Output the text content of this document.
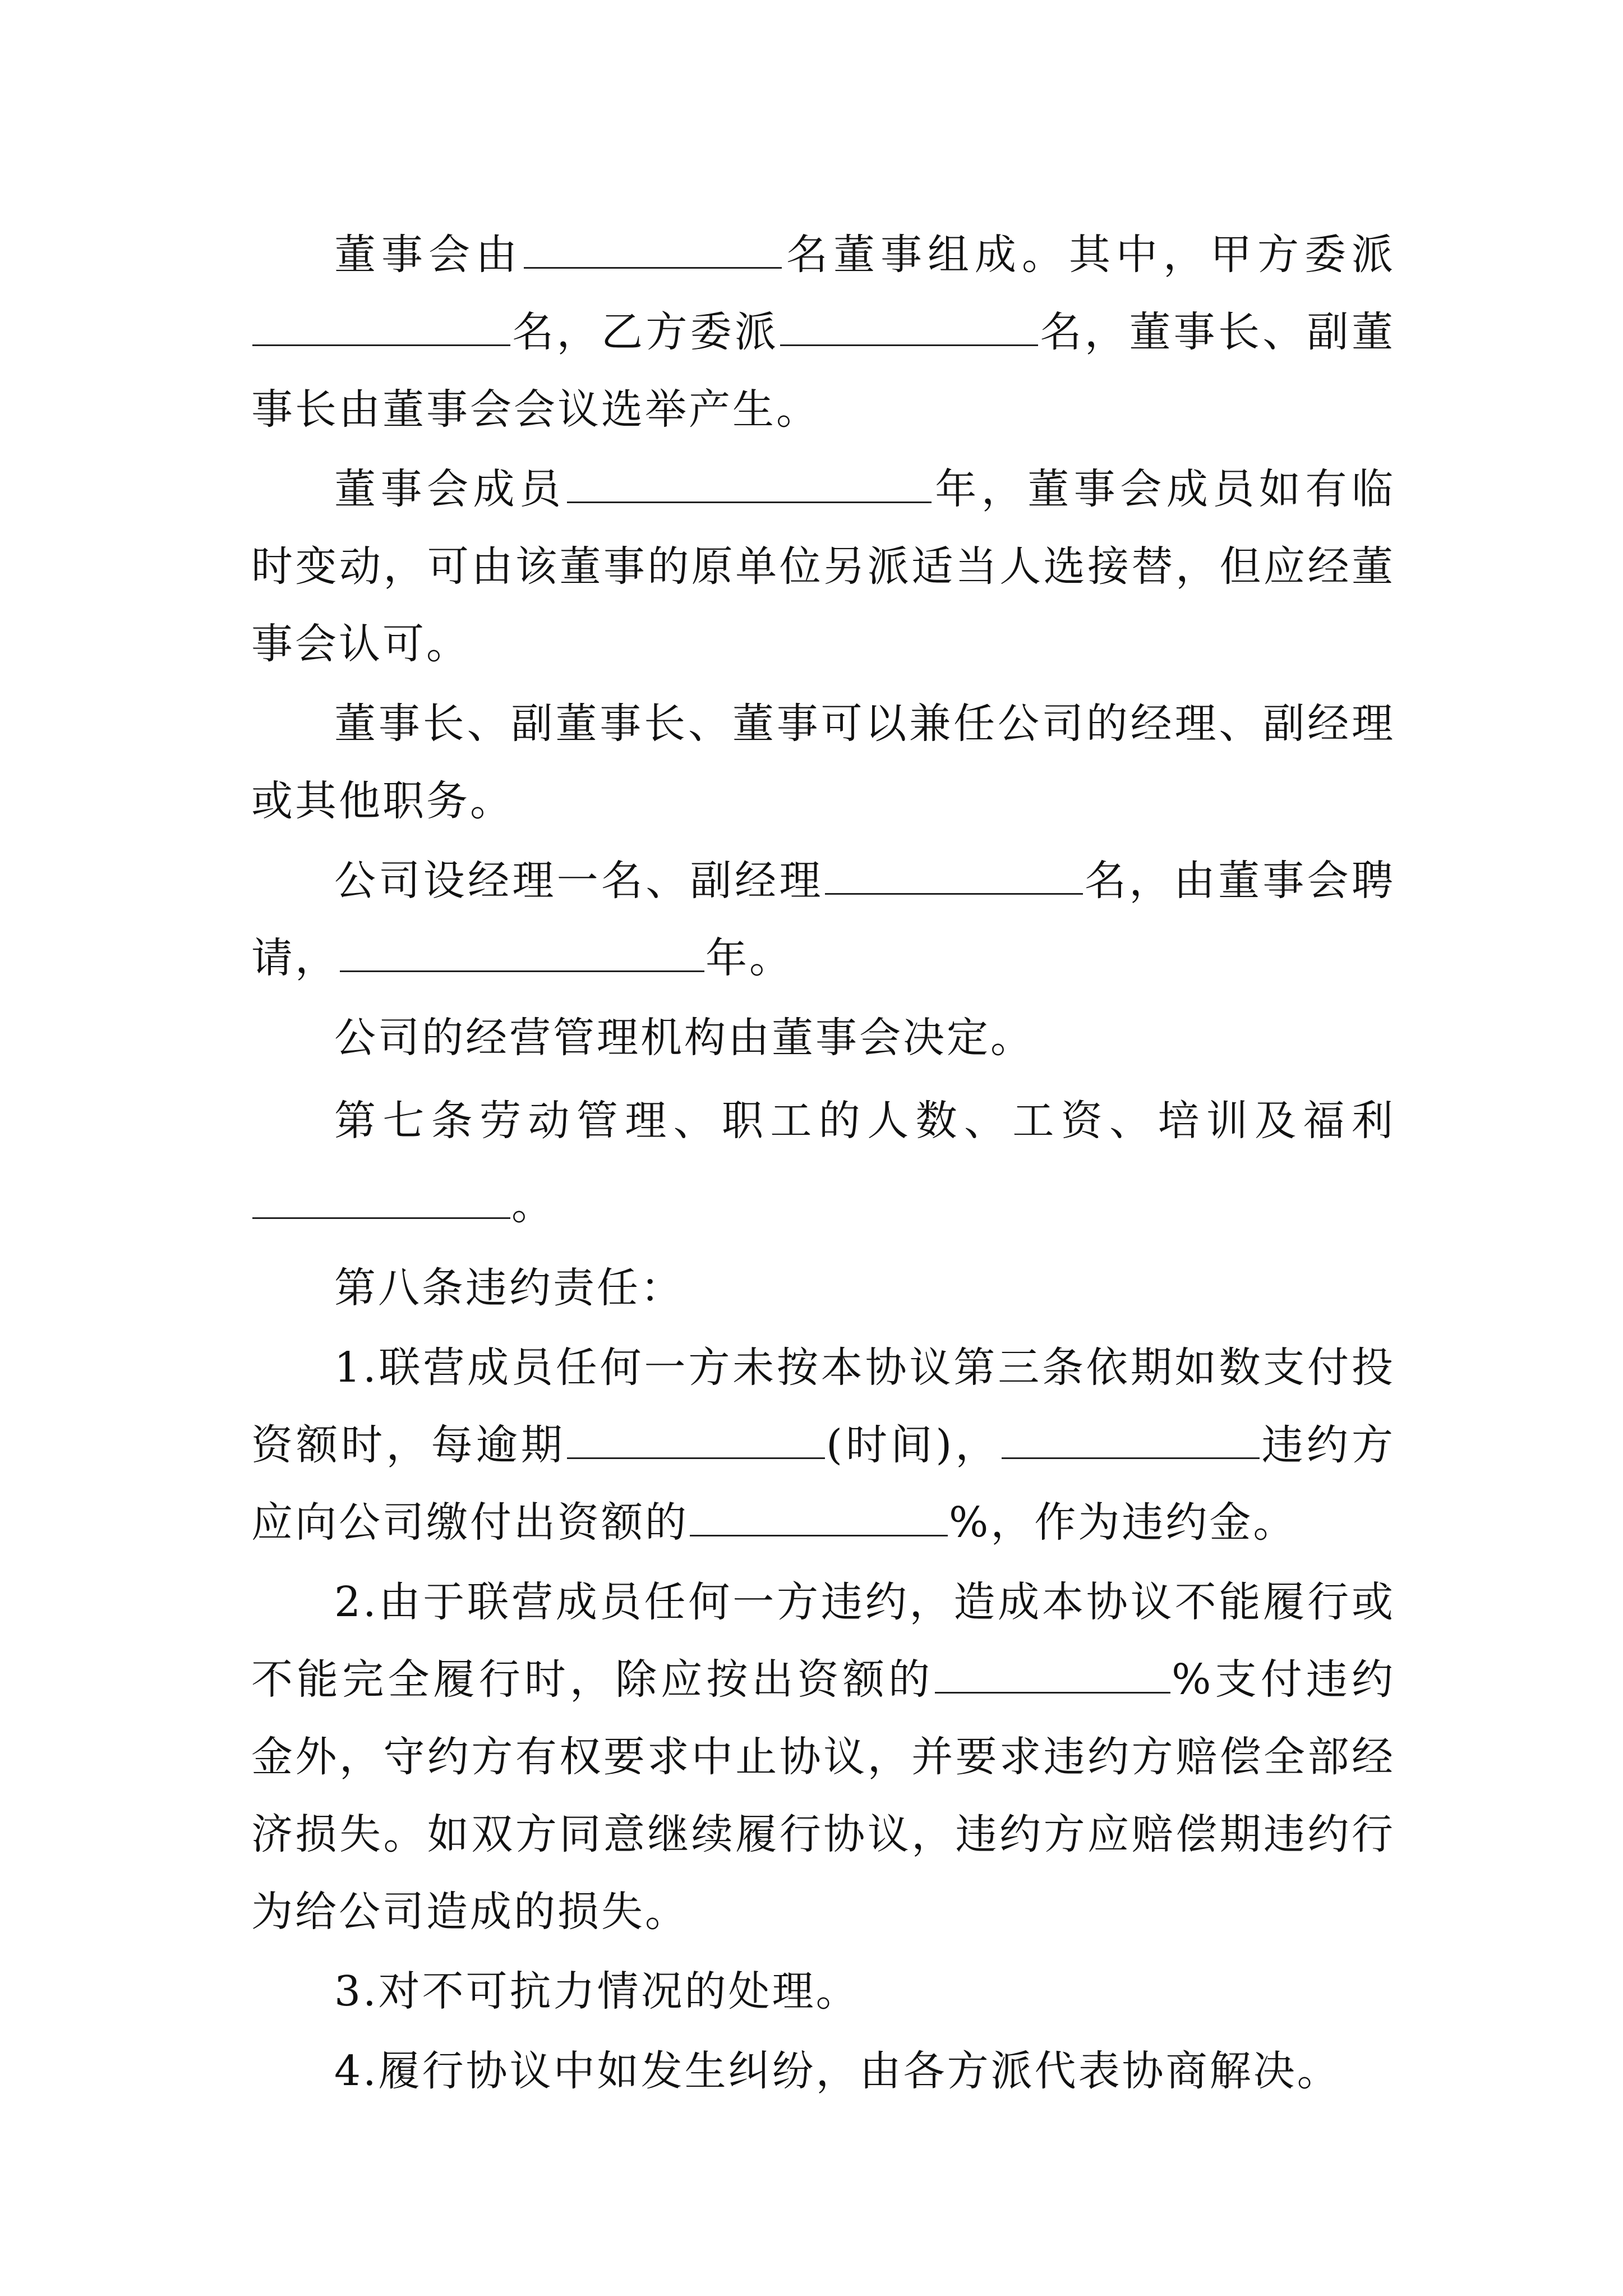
董事会由	名董事组成。其中，甲方委派名，乙方委派	名，董事长、副董事长由董事会会议选举产生。

董事会成员	年，董事会成员如有临时变动，可由该董事的原单位另派适当人选接替，但应经董事会认可。

董事长、副董事长、董事可以兼任公司的经理、副经理或其他职务。

公司设经理一名、副经理	名，由董事会聘请，	年。

公司的经营管理机构由董事会决定。

第七条劳动管理、职工的人数、工资、培训及福利。

第八条违约责任：

1.联营成员任何一方未按本协议第三条依期如数支付投资额时，每逾期	(时间)，	违约方应向公司缴付出资额的	%，作为违约金。

2.由于联营成员任何一方违约，造成本协议不能履行或不能完全履行时，除应按出资额的	%支付违约金外，守约方有权要求中止协议，并要求违约方赔偿全部经济损失。如双方同意继续履行协议，违约方应赔偿期违约行为给公司造成的损失。

3.对不可抗力情况的处理。

4.履行协议中如发生纠纷，由各方派代表协商解决。
